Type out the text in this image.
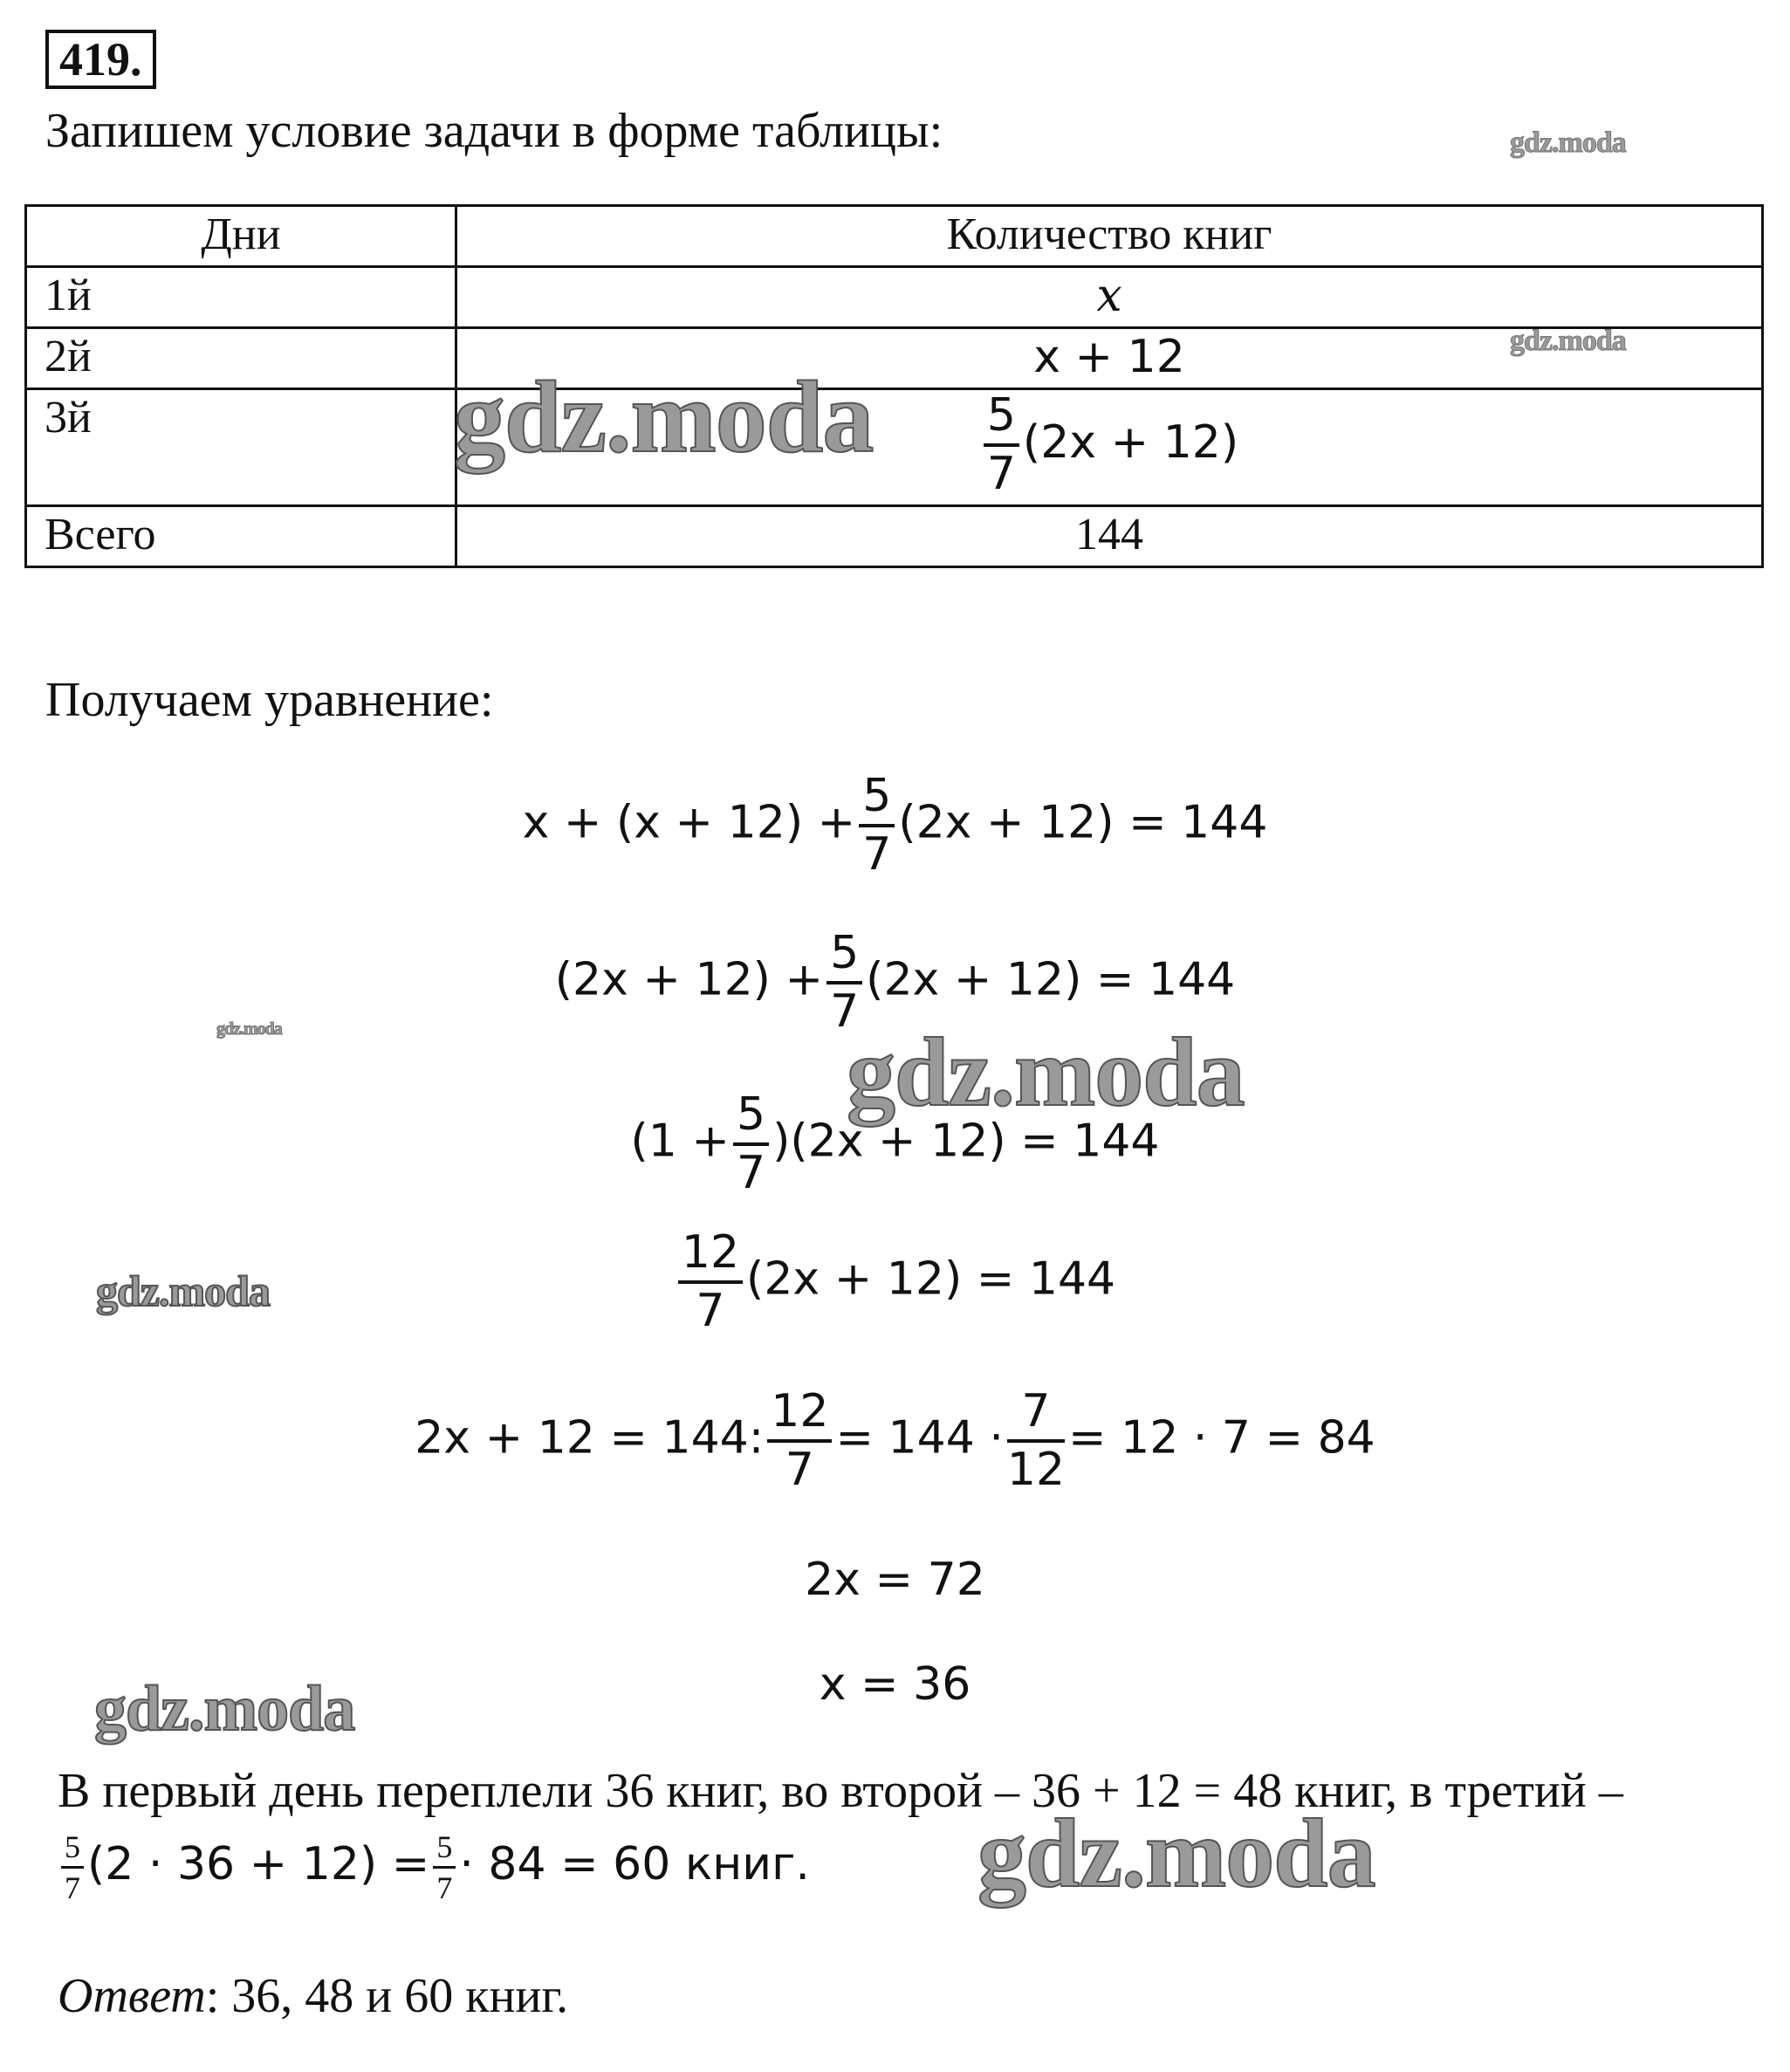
419.
Запишем условие задачи в форме таблицы:
Дни	Количество книг
1й	x
2й	x + 12
3й	$\frac{5}{7} (2x + 12)$
Всего	144
Получаем уравнение:
$x + (x + 12) + \frac{5}{7} (2x + 12) = 144$
$(2x + 12) + \frac{5}{7} (2x + 12) = 144$
$(1 + \frac{5}{7} )(2x + 12) = 144$
$\frac{12}{7} (2x + 12) = 144$
2x + 12 = 144: $\frac{12}{7} = 144 \cdot \frac{7}{12} = 12 \cdot 7 = 84$
2x = 72
x = 36
В первый день переплели 36 книг, во второй – 36 + 12 = 48 книг, в третий –
$\frac{5}{7} (2 \cdot 36 + 12) = \frac{5}{7} \cdot 84 = 60$ книг.
Ответ: 36, 48 и 60 книг.
gdz.moda
gdz.moda
gdz.moda
gdz.moda	gdz.moda
gdz.moda
gdz.moda
gdz.moda
